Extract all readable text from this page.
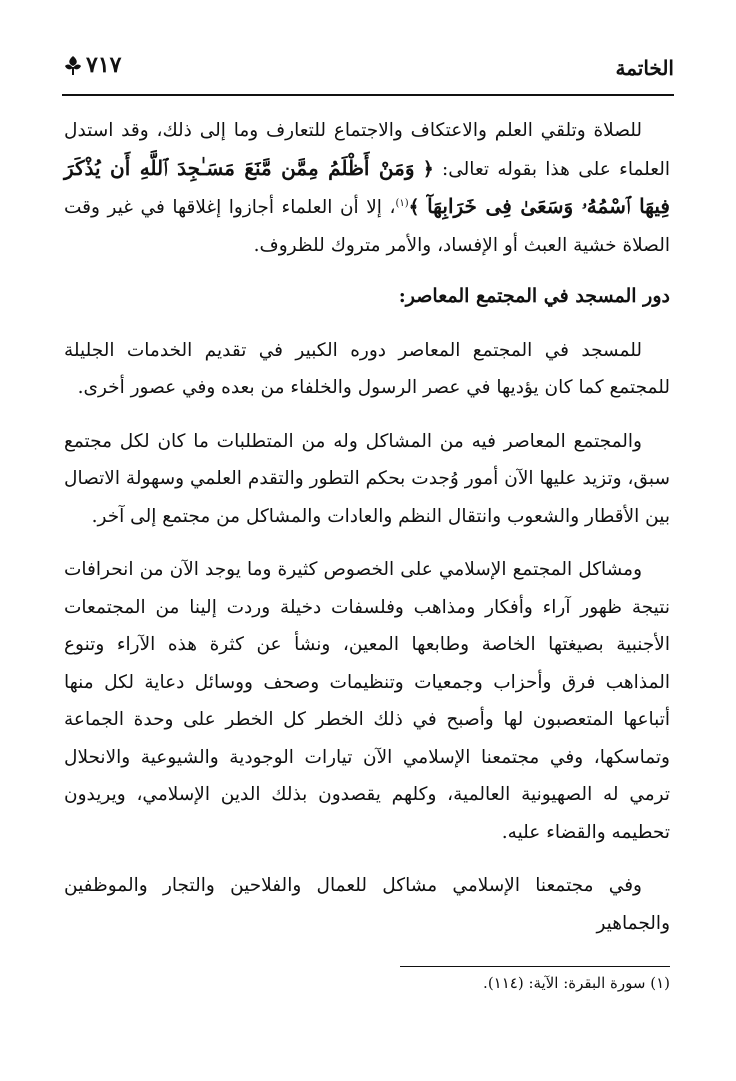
الخاتمة
٧١٧

للصلاة وتلقي العلم والاعتكاف والاجتماع للتعارف وما إلى ذلك، وقد استدل العلماء على هذا بقوله تعالى: ﴿ وَمَنْ أَظْلَمُ مِمَّن مَّنَعَ مَسَـٰجِدَ ٱللَّهِ أَن يُذْكَرَ فِيهَا ٱسْمُهُۥ وَسَعَىٰ فِى خَرَابِهَآ ﴾$^{(١)}$، إلا أن العلماء أجازوا إغلاقها في غير وقت الصلاة خشية العبث أو الإفساد، والأمر متروك للظروف.

دور المسجد في المجتمع المعاصر:

للمسجد في المجتمع المعاصر دوره الكبير في تقديم الخدمات الجليلة للمجتمع كما كان يؤديها في عصر الرسول والخلفاء من بعده وفي عصور أخرى.

والمجتمع المعاصر فيه من المشاكل وله من المتطلبات ما كان لكل مجتمع سبق، وتزيد عليها الآن أمور وُجدت بحكم التطور والتقدم العلمي وسهولة الاتصال بين الأقطار والشعوب وانتقال النظم والعادات والمشاكل من مجتمع إلى آخر.

ومشاكل المجتمع الإسلامي على الخصوص كثيرة وما يوجد الآن من انحرافات نتيجة ظهور آراء وأفكار ومذاهب وفلسفات دخيلة وردت إلينا من المجتمعات الأجنبية بصيغتها الخاصة وطابعها المعين، ونشأ عن كثرة هذه الآراء وتنوع المذاهب فرق وأحزاب وجمعيات وتنظيمات وصحف ووسائل دعاية لكل منها أتباعها المتعصبون لها وأصبح في ذلك الخطر كل الخطر على وحدة الجماعة وتماسكها، وفي مجتمعنا الإسلامي الآن تيارات الوجودية والشيوعية والانحلال ترمي له الصهيونية العالمية، وكلهم يقصدون بذلك الدين الإسلامي، ويريدون تحطيمه والقضاء عليه.

وفي مجتمعنا الإسلامي مشاكل للعمال والفلاحين والتجار والموظفين والجماهير

(١) سورة البقرة: الآية: (١١٤).
